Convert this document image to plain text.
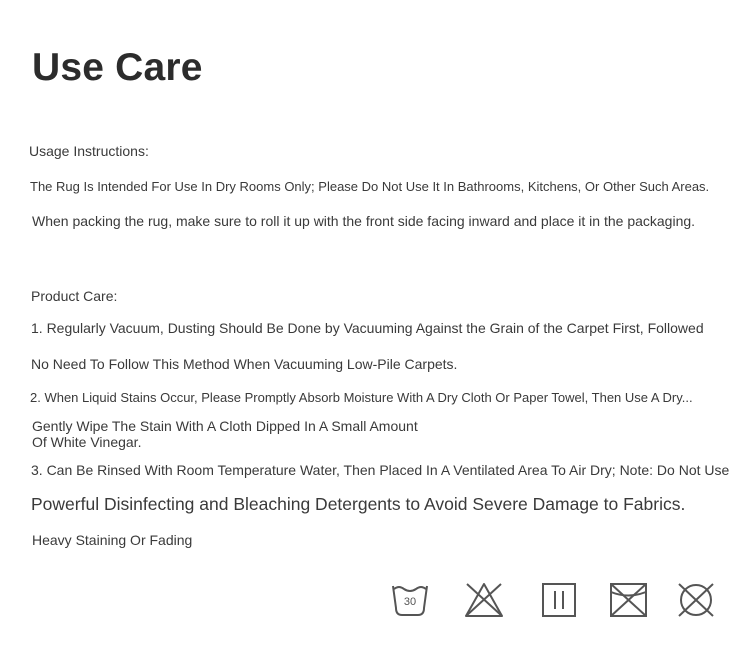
Use Care
Usage Instructions:
The Rug Is Intended For Use In Dry Rooms Only; Please Do Not Use It In Bathrooms, Kitchens, Or Other Such Areas.
When packing the rug, make sure to roll it up with the front side facing inward and place it in the packaging.
Product Care:
1. Regularly Vacuum, Dusting Should Be Done by Vacuuming Against the Grain of the Carpet First, Followed
No Need To Follow This Method When Vacuuming Low-Pile Carpets.
2. When Liquid Stains Occur, Please Promptly Absorb Moisture With A Dry Cloth Or Paper Towel, Then Use A Dry...
Gently Wipe The Stain With A Cloth Dipped In A Small Amount
Of White Vinegar.
3. Can Be Rinsed With Room Temperature Water, Then Placed In A Ventilated Area To Air Dry; Note: Do Not Use
Powerful Disinfecting and Bleaching Detergents to Avoid Severe Damage to Fabrics.
Heavy Staining Or Fading
30
